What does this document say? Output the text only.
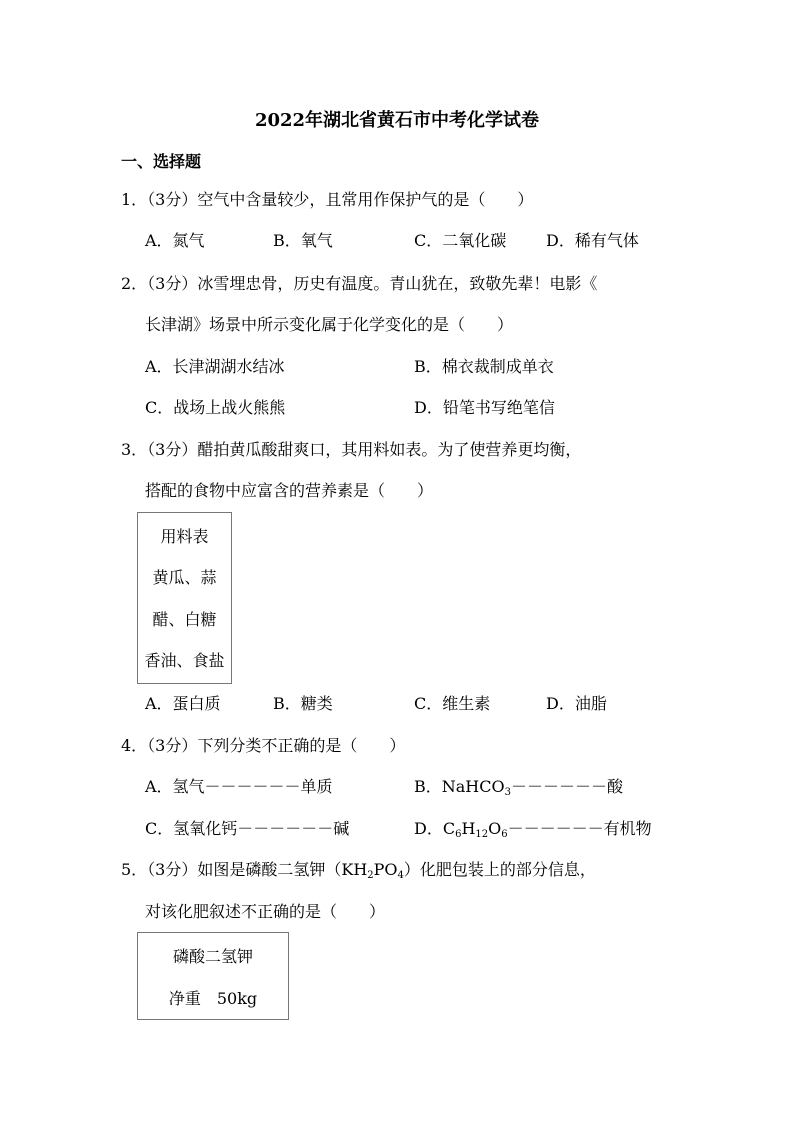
2022年湖北省黄石市中考化学试卷
一、选择题
1．（3分）空气中含量较少，且常用作保护气的是（　　）
A．氮气	B．氧气	C．二氧化碳 D．稀有气体
2．（3分）冰雪埋忠骨，历史有温度。青山犹在，致敬先辈！电影《
长津湖》场景中所示变化属于化学变化的是（　　）
A．长津湖湖水结冰	B．棉衣裁制成单衣
C．战场上战火熊熊	D．铅笔书写绝笔信
3．（3分）醋拍黄瓜酸甜爽口，其用料如表。为了使营养更均衡，
搭配的食物中应富含的营养素是（　　）
用料表
黄瓜、蒜
醋、白糖
香油、食盐
A．蛋白质	B．糖类	C．维生素	D．油脂
4．（3分）下列分类不正确的是（　　）
A．氢气－－－－－－单质	B．NaHCO$_3$－－－－－－酸
C．氢氧化钙－－－－－－碱	D．$C_6H_{12}O_6------$有机物
5．（3分）如图是磷酸二氢钾$(KH_2PO_4)$化肥包装上的部分信息，
对该化肥叙述不正确的是（　　）
磷酸二氢钾
净重　50kg
